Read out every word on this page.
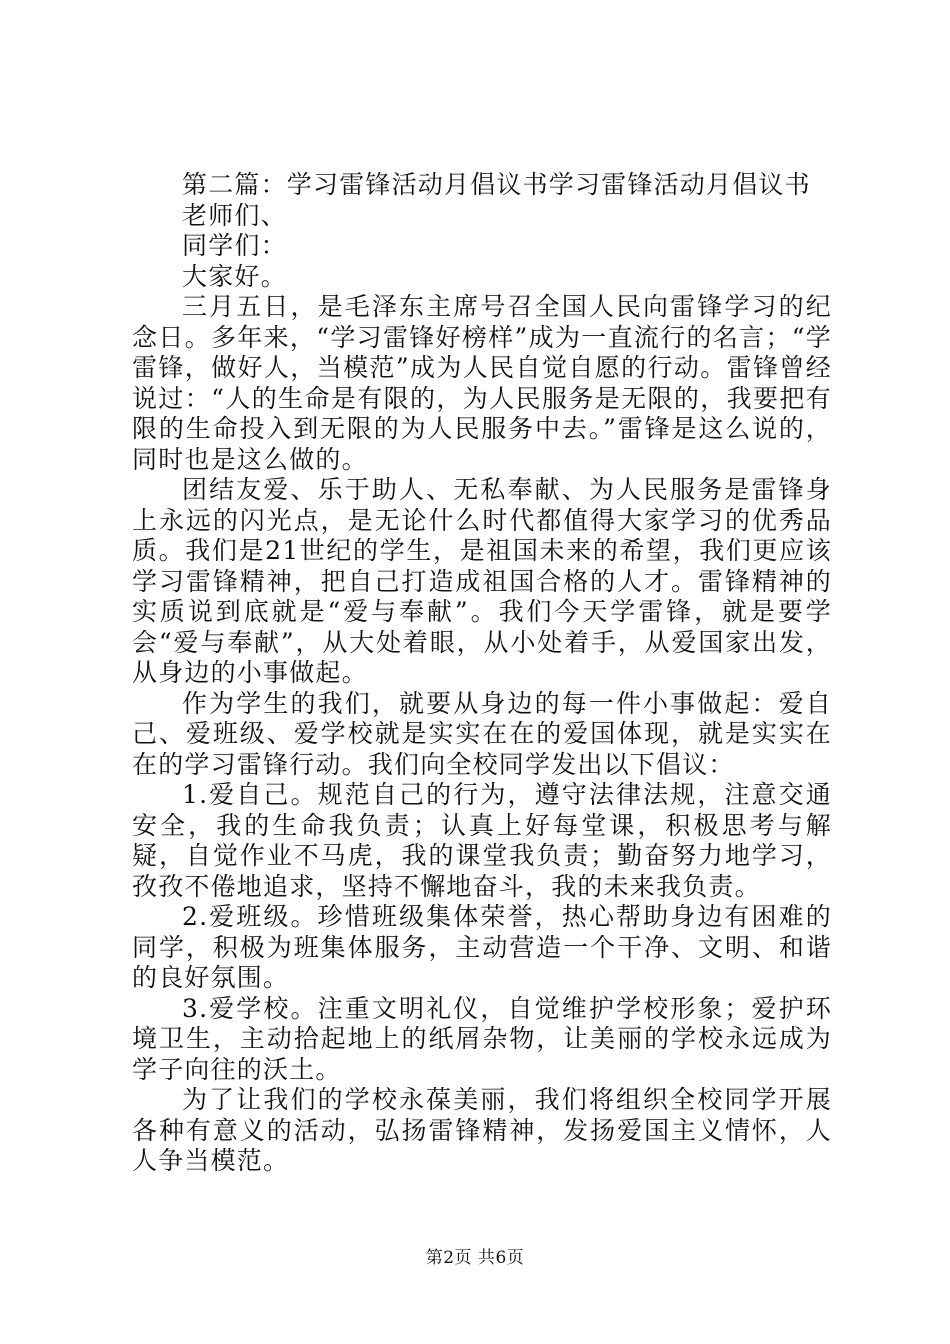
第二篇：学习雷锋活动月倡议书学习雷锋活动月倡议书

老师们、

同学们：

大家好。

三月五日，是毛泽东主席号召全国人民向雷锋学习的纪念日。多年来，“学习雷锋好榜样”成为一直流行的名言；“学雷锋，做好人，当模范”成为人民自觉自愿的行动。雷锋曾经说过：“人的生命是有限的，为人民服务是无限的，我要把有限的生命投入到无限的为人民服务中去。”雷锋是这么说的，同时也是这么做的。

团结友爱、乐于助人、无私奉献、为人民服务是雷锋身上永远的闪光点，是无论什么时代都值得大家学习的优秀品质。我们是21世纪的学生，是祖国未来的希望，我们更应该学习雷锋精神，把自己打造成祖国合格的人才。雷锋精神的实质说到底就是“爱与奉献”。我们今天学雷锋，就是要学会“爱与奉献”，从大处着眼，从小处着手，从爱国家出发，从身边的小事做起。

作为学生的我们，就要从身边的每一件小事做起：爱自己、爱班级、爱学校就是实实在在的爱国体现，就是实实在在的学习雷锋行动。我们向全校同学发出以下倡议：

1.爱自己。规范自己的行为，遵守法律法规，注意交通安全，我的生命我负责；认真上好每堂课，积极思考与解疑，自觉作业不马虎，我的课堂我负责；勤奋努力地学习，孜孜不倦地追求，坚持不懈地奋斗，我的未来我负责。

2.爱班级。珍惜班级集体荣誉，热心帮助身边有困难的同学，积极为班集体服务，主动营造一个干净、文明、和谐的良好氛围。

3.爱学校。注重文明礼仪，自觉维护学校形象；爱护环境卫生，主动拾起地上的纸屑杂物，让美丽的学校永远成为学子向往的沃土。

为了让我们的学校永葆美丽，我们将组织全校同学开展各种有意义的活动，弘扬雷锋精神，发扬爱国主义情怀，人人争当模范。

第2页 共6页
